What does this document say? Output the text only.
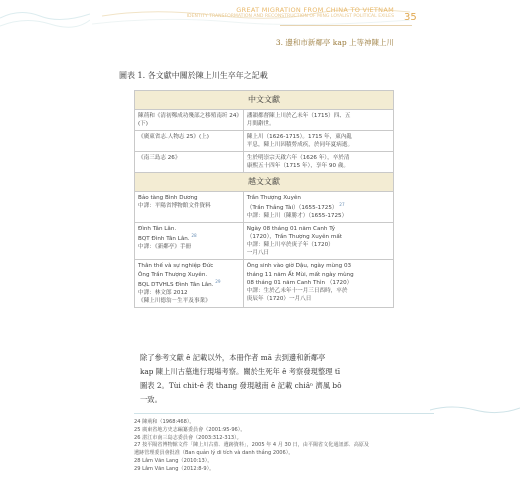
GREAT MIGRATION FROM CHINA TO VIETNAM
IDENTITY TRANSFORMATION AND RECONSTRUCTION OF MING LOYALIST POLITICAL EXILES 35
3. 邊和市新鄰亭 kap 上等神陳上川
圖表 1. 各文獻中關於陳上川生卒年之記載
中文文獻	
陳荊和《清初鄭成功殘部之移殖南圻 24》(下)	潘韻都督陳上川於乙未年（1715）四、五
月間辭世。

《廣東省志.人物志 25》(上)	陳上川（1626-1715）。1715 年，東內亂
平息，陳上川因積勞成疾，於同年夏病逝。

《南三島志 26》	生於明崇宗天啟六年（1626 年），卒於清
康熙五十四年（1715 年），享年 90 歲。

越文文獻	

Bảo tàng Bình Dương
中譯：平陽省博物館文件資料	Trần Thượng Xuyên
（Trần Thắng Tài）（1655-1725） $^{27}$
中譯：陳上川（陳勝才）（1655-1725）

Đình Tân Lân.
BQT Đình Tân Lân. $^{28}$
中譯：《新鄰亭》手冊	Ngày 08 tháng 01 năm Canh Tý
（1720），Trần Thượng Xuyên mất
中譯：陳上川卒於庚子年（1720）
一月八日

Thân thế và sự nghiệp Đức
Ông Trần Thượng Xuyên.
BQL DTVHLS Đình Tân Lân. $^{29}$
中譯：林文郎 2012
《陳上川德翁－生平及事業》	Ông sinh vào giờ Dậu, ngày mùng 03
tháng 11 năm Ất Mùi, mất ngày mùng
08 tháng 01 năm Canh Thìn （1720）
中譯：生於乙未年十一月三日酉時，卒於
庚辰年（1720）一月八日
除了參考文獻 ê 記載以外，本冊作者 mā 去到邊和新鄰亭
kap 陳上川古墓進行現場考察。關於生死年 ê 考察發現整理 tī
圖表 2。Tùi chit-ê 表 thang 發現越南 ê 記載 chiâⁿ 濟風 bô
一致。
24 陳荊和（1968:468）。
25 廣東省地方史志編纂委員會（2001:95-96）。
26 湛江市南三島志委員會（2003:312-313）。
27 按平陽省博物館文件「陳上川古墓．遺跡資料」，2005 年 4 月 30 日，由平陽省文化通訊部．高原及
遺跡管理委員會批准（Ban quản lý di tích và danh thắng 2006）。
28 Lâm Văn Lang（2010:13）。
29 Lâm Văn Lang（2012:8-9）。
